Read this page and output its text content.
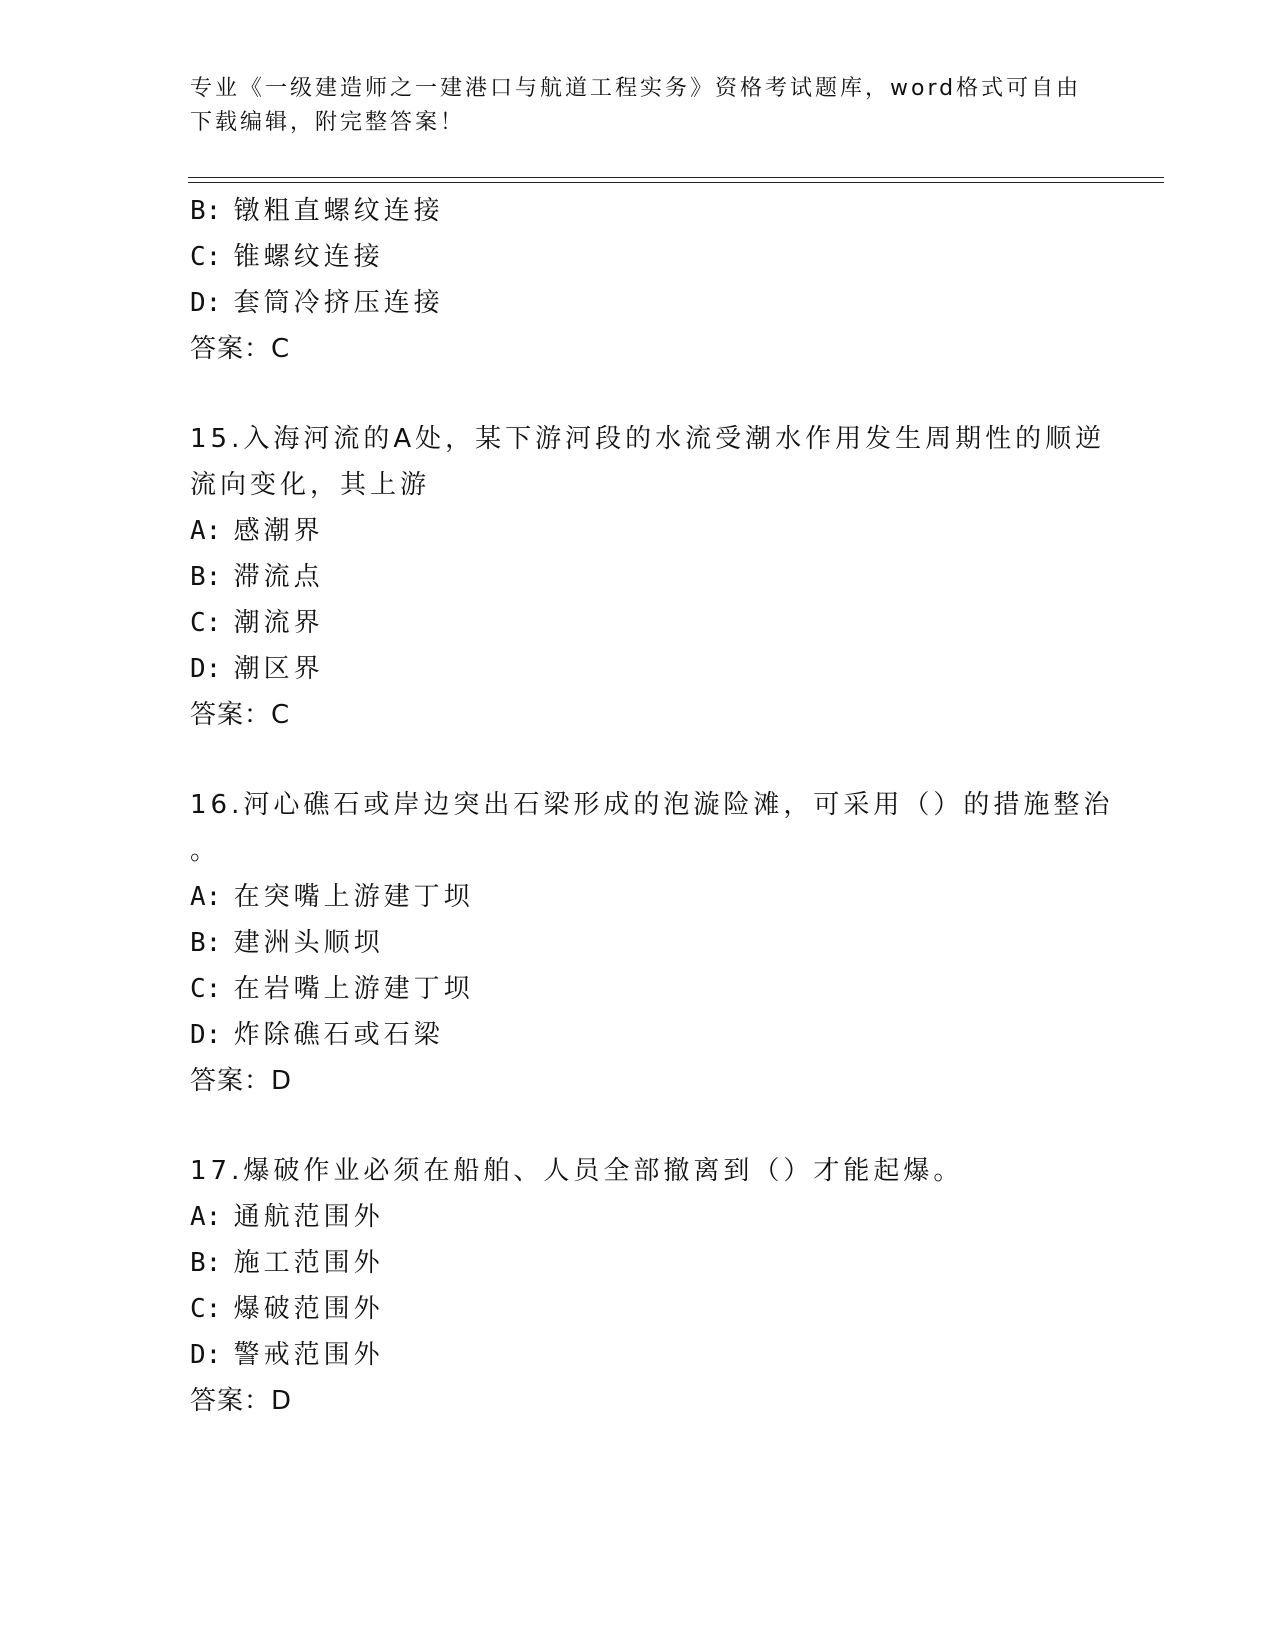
专业《一级建造师之一建港口与航道工程实务》资格考试题库，word格式可自由
下载编辑，附完整答案！
B: 镦粗直螺纹连接
C: 锥螺纹连接
D: 套筒冷挤压连接
答案：C
15.入海河流的A处，某下游河段的水流受潮水作用发生周期性的顺逆
流向变化，其上游
A: 感潮界
B: 滞流点
C: 潮流界
D: 潮区界
答案：C
16.河心礁石或岸边突出石梁形成的泡漩险滩，可采用（）的措施整治
。
A: 在突嘴上游建丁坝
B: 建洲头顺坝
C: 在岩嘴上游建丁坝
D: 炸除礁石或石梁
答案：D
17.爆破作业必须在船舶、人员全部撤离到（）才能起爆。
A: 通航范围外
B: 施工范围外
C: 爆破范围外
D: 警戒范围外
答案：D
